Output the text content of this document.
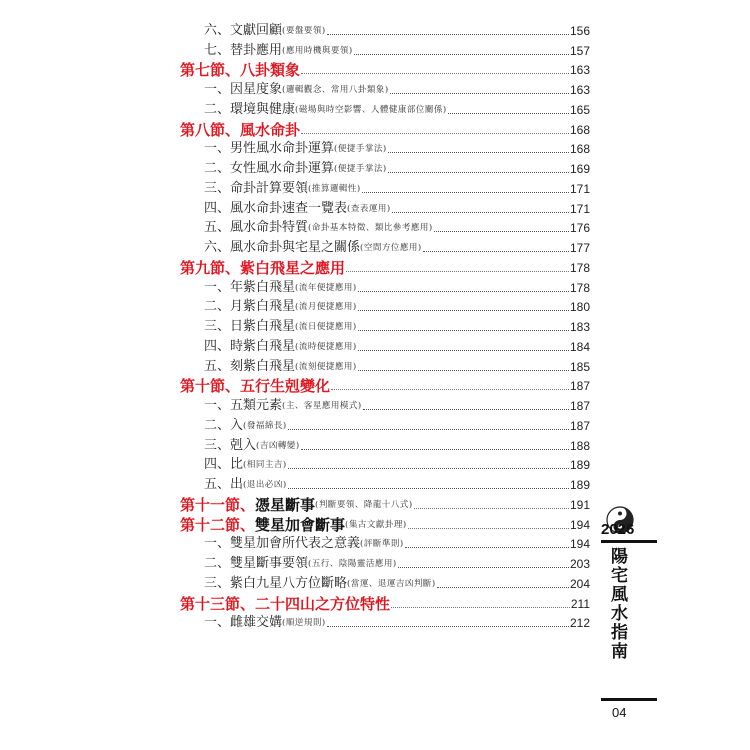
六、文獻回顧 (要盤要領)	156
七、替卦應用 (應用時機與要領)	157
第七節、八卦類象	163
一、因星度象 (邏輯觀念、常用八卦類象)	163
二、環境與健康 (磁場與時空影響、人體健康部位關係)	165
第八節、風水命卦	168
一、男性風水命卦運算 (便捷手掌法)	168
二、女性風水命卦運算 (便捷手掌法)	169
三、命卦計算要領 (推算邏輯性)	171
四、風水命卦速查一覽表 (查表運用)	171
五、風水命卦特質 (命卦基本特徵、類比參考應用)	176
六、風水命卦與宅星之關係 (空間方位應用)	177
第九節、紫白飛星之應用	178
一、年紫白飛星 (流年便捷應用)	178
二、月紫白飛星 (流月便捷應用)	180
三、日紫白飛星 (流日便捷應用)	183
四、時紫白飛星 (流時便捷應用)	184
五、刻紫白飛星 (流刻便捷應用)	185
第十節、五行生剋變化	187
一、五類元素 (主、客星應用模式)	187
二、入 (發福綿長)	187
三、剋入 (吉凶轉變)	188
四、比 (相同主吉)	189
五、出 (退出必凶)	189
第十一節、 憑星斷事 (判斷要領、降龍十八式)	191
第十二節、 雙星加會斷事 (集古文獻卦理)	194
一、雙星加會所代表之意義 (評斷準則)	194
二、雙星斷事要領 (五行、陰陽靈活應用)	203
三、紫白九星八方位斷略 (當運、退運吉凶判斷)	204
第十三節、二十四山之方位特性	211
一、雌雄交媾 (順逆規則)	212
2026
陽宅風水指南
04
